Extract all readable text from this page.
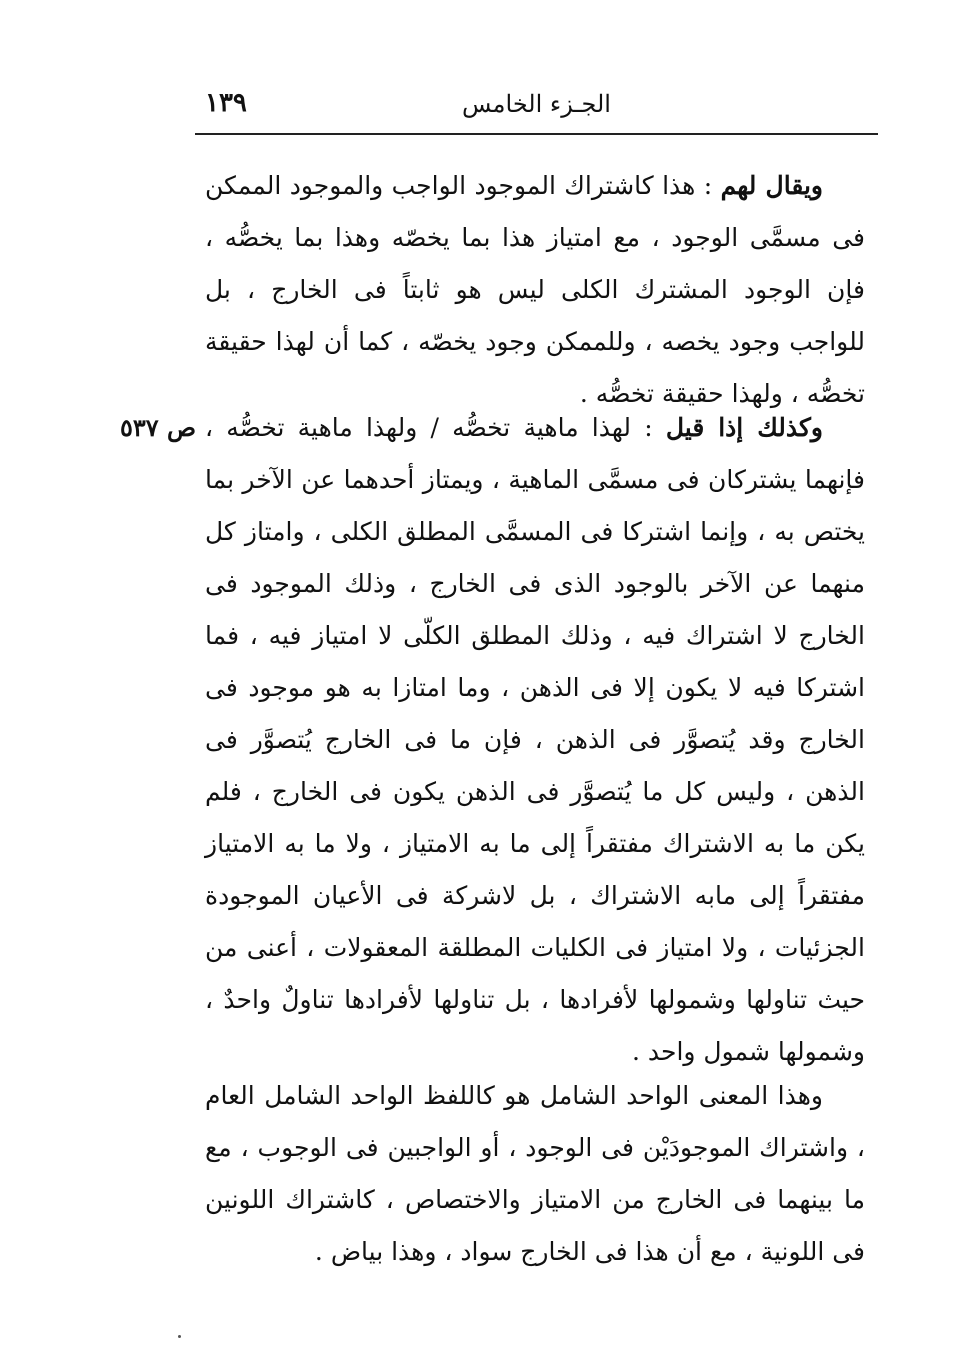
١٣٩	الجـزء الخامس

ويقال لهم : هذا كاشتراك الموجود الواجب والموجود الممكن فى مسمَّى الوجود ، مع امتياز هذا بما يخصّه وهذا بما يخصُّه ، فإن الوجود المشترك الكلى ليس هو ثابتاً فى الخارج ، بل للواجب وجود يخصه ، وللممكن وجود يخصّه ، كما أن لهذا حقيقة تخصُّه ، ولهذا حقيقة تخصُّه .

ص ٥٣٧	وكذلك إذا قيل : لهذا ماهية تخصُّه / ولهذا ماهية تخصُّه ، فإنهما يشتركان فى مسمَّى الماهية ، ويمتاز أحدهما عن الآخر بما يختص به ، وإنما اشتركا فى المسمَّى المطلق الكلى ، وامتاز كل منهما عن الآخر بالوجود الذى فى الخارج ، وذلك الموجود فى الخارج لا اشتراك فيه ، وذلك المطلق الكلّى لا امتياز فيه ، فما اشتركا فيه لا يكون إلا فى الذهن ، وما امتازا به هو موجود فى الخارج وقد يُتصوَّر فى الذهن ، فإن ما فى الخارج يُتصوَّر فى الذهن ، وليس كل ما يُتصوَّر فى الذهن يكون فى الخارج ، فلم يكن ما به الاشتراك مفتقراً إلى ما به الامتياز ، ولا ما به الامتياز مفتقراً إلى مابه الاشتراك ، بل لاشركة فى الأعيان الموجودة الجزئيات ، ولا امتياز فى الكليات المطلقة المعقولات ، أعنى من حيث تناولها وشمولها لأفرادها ، بل تناولها لأفرادها تناولٌ واحدٌ ، وشمولها شمول واحد .

وهذا المعنى الواحد الشامل هو كاللفظ الواحد الشامل العام ، واشتراك الموجودَيْن فى الوجود ، أو الواجبين فى الوجوب ، مع ما بينهما فى الخارج من الامتياز والاختصاص ، كاشتراك اللونين فى اللونية ، مع أن هذا فى الخارج سواد ، وهذا بياض .
